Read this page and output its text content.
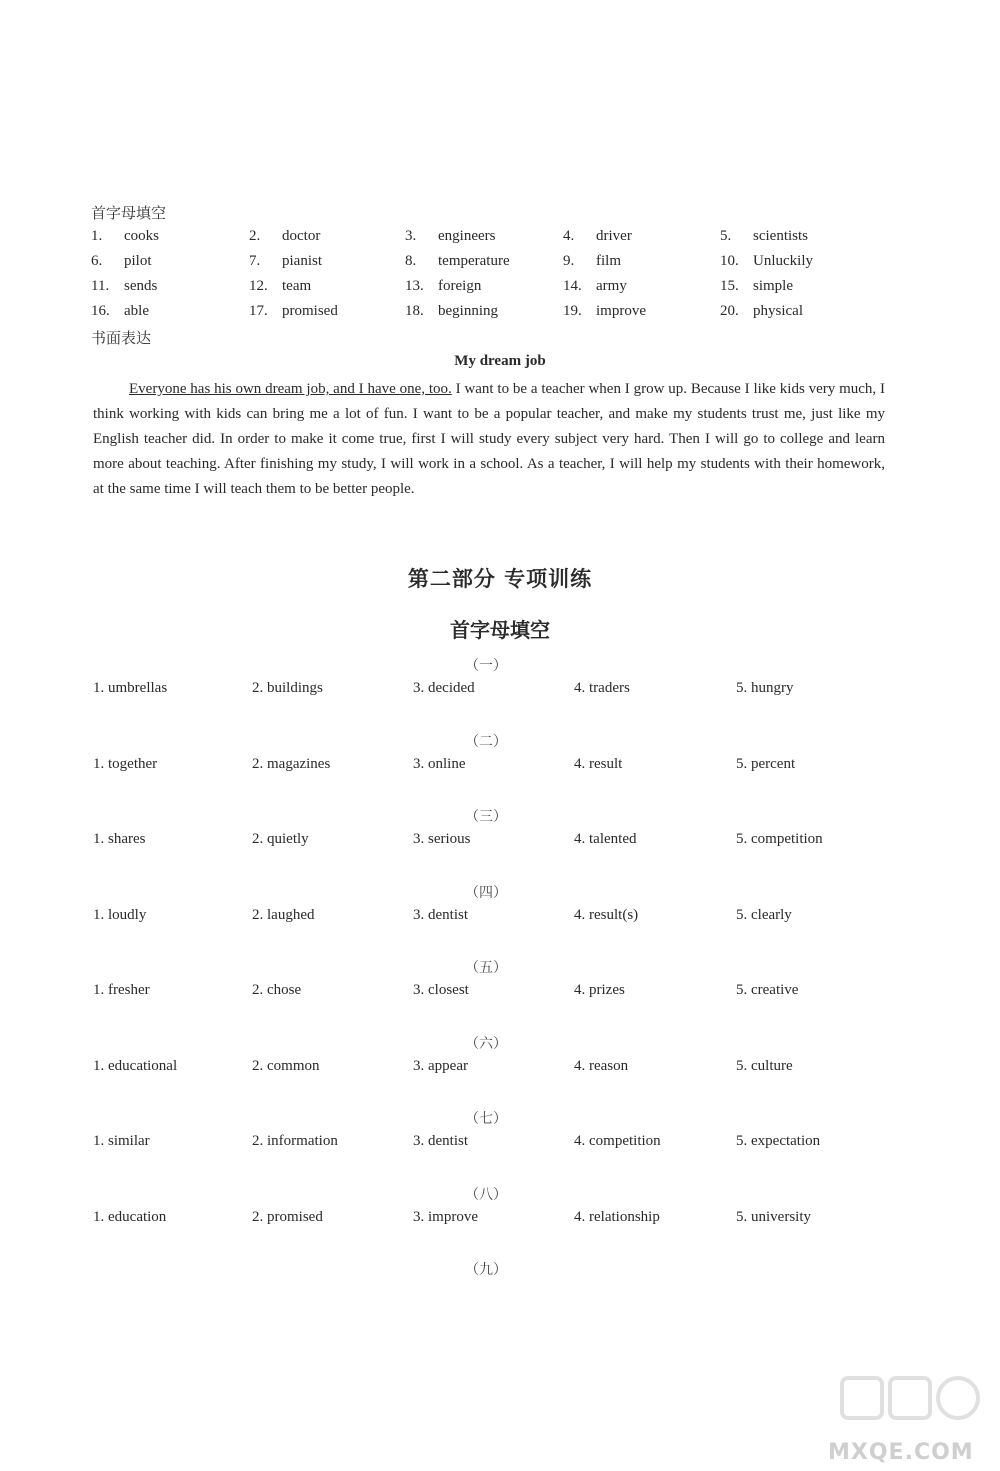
首字母填空
1. cooks	2. doctor	3. engineers	4. driver	5. scientists
6. pilot	7. pianist	8. temperature	9. film	10. Unluckily
11. sends	12. team	13. foreign	14. army	15. simple
16. able	17. promised	18. beginning	19. improve	20. physical
书面表达
My dream job

Everyone has his own dream job, and I have one, too. I want to be a teacher when I grow up. Because I like kids very much, I think working with kids can bring me a lot of fun. I want to be a popular teacher, and make my students trust me, just like my English teacher did. In order to make it come true, first I will study every subject very hard. Then I will go to college and learn more about teaching. After finishing my study, I will work in a school. As a teacher, I will help my students with their homework, at the same time I will teach them to be better people.

第二部分 专项训练
首字母填空
（一）
1. umbrellas	2. buildings	3. decided	4. traders	5. hungry
（二）
1. together	2. magazines	3. online	4. result	5. percent
（三）
1. shares	2. quietly	3. serious	4. talented	5. competition
（四）
1. loudly	2. laughed	3. dentist	4. result(s)	5. clearly
（五）
1. fresher	2. chose	3. closest	4. prizes	5. creative
（六）
1. educational	2. common	3. appear	4. reason	5. culture
（七）
1. similar	2. information	3. dentist	4. competition	5. expectation
（八）
1. education	2. promised	3. improve	4. relationship	5. university
（九）
MXQE.COM
